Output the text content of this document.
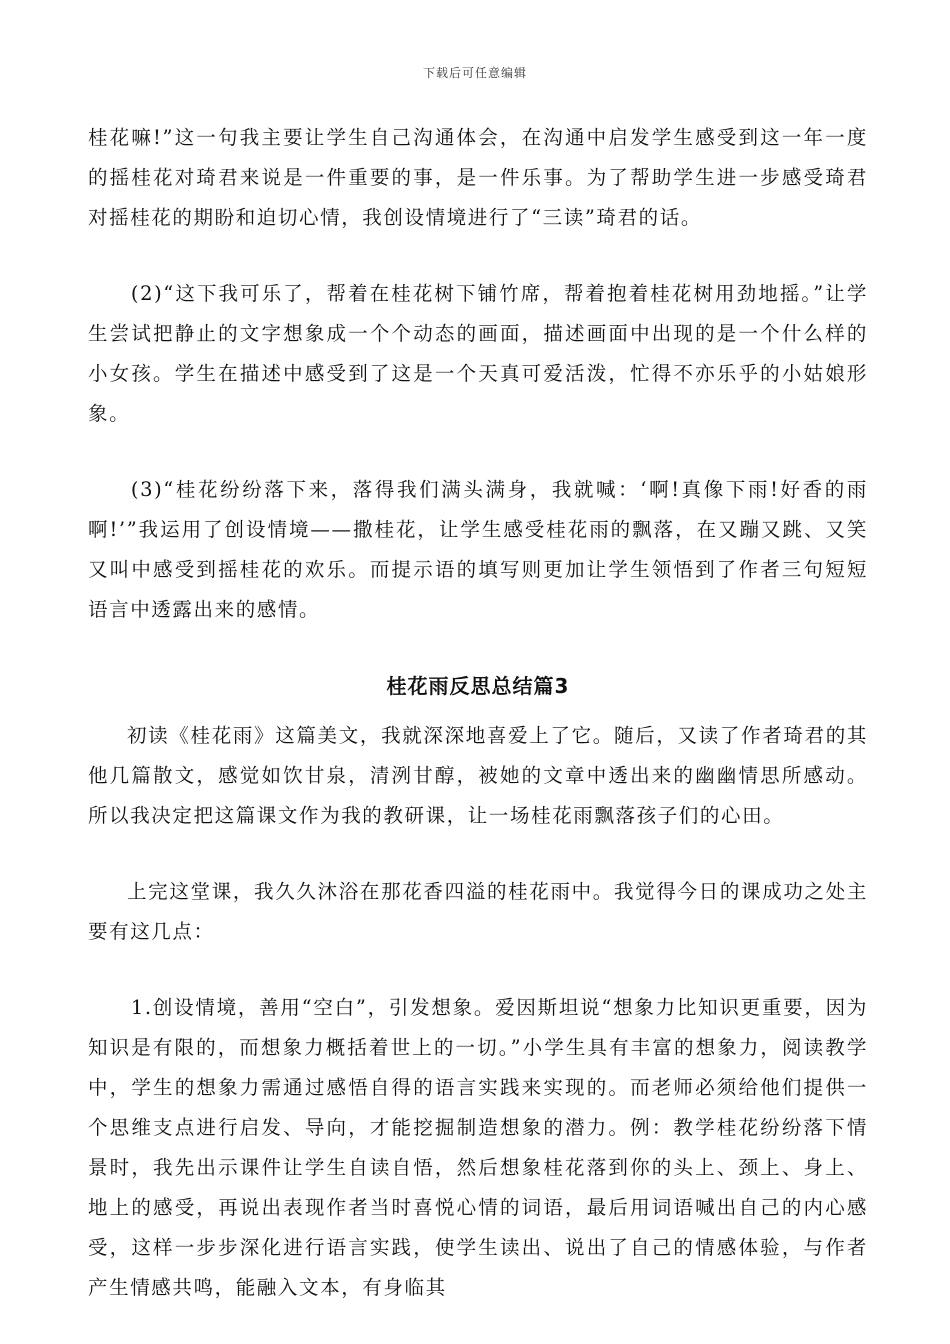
下载后可任意编辑

桂花嘛!”这一句我主要让学生自己沟通体会，在沟通中启发学生感受到这一年一度的摇桂花对琦君来说是一件重要的事，是一件乐事。为了帮助学生进一步感受琦君对摇桂花的期盼和迫切心情，我创设情境进行了“三读”琦君的话。

(2)“这下我可乐了，帮着在桂花树下铺竹席，帮着抱着桂花树用劲地摇。”让学生尝试把静止的文字想象成一个个动态的画面，描述画面中出现的是一个什么样的小女孩。学生在描述中感受到了这是一个天真可爱活泼，忙得不亦乐乎的小姑娘形象。

(3)“桂花纷纷落下来，落得我们满头满身，我就喊：‘啊!真像下雨!好香的雨啊!’”我运用了创设情境——撒桂花，让学生感受桂花雨的飘落，在又蹦又跳、又笑又叫中感受到摇桂花的欢乐。而提示语的填写则更加让学生领悟到了作者三句短短语言中透露出来的感情。

桂花雨反思总结篇3

初读《桂花雨》这篇美文，我就深深地喜爱上了它。随后，又读了作者琦君的其他几篇散文，感觉如饮甘泉，清洌甘醇，被她的文章中透出来的幽幽情思所感动。所以我决定把这篇课文作为我的教研课，让一场桂花雨飘落孩子们的心田。

上完这堂课，我久久沐浴在那花香四溢的桂花雨中。我觉得今日的课成功之处主要有这几点：

1.创设情境，善用“空白”，引发想象。爱因斯坦说“想象力比知识更重要，因为知识是有限的，而想象力概括着世上的一切。”小学生具有丰富的想象力，阅读教学中，学生的想象力需通过感悟自得的语言实践来实现的。而老师必须给他们提供一个思维支点进行启发、导向，才能挖掘制造想象的潜力。例：教学桂花纷纷落下情景时，我先出示课件让学生自读自悟，然后想象桂花落到你的头上、颈上、身上、地上的感受，再说出表现作者当时喜悦心情的词语，最后用词语喊出自己的内心感受，这样一步步深化进行语言实践，使学生读出、说出了自己的情感体验，与作者产生情感共鸣，能融入文本，有身临其
